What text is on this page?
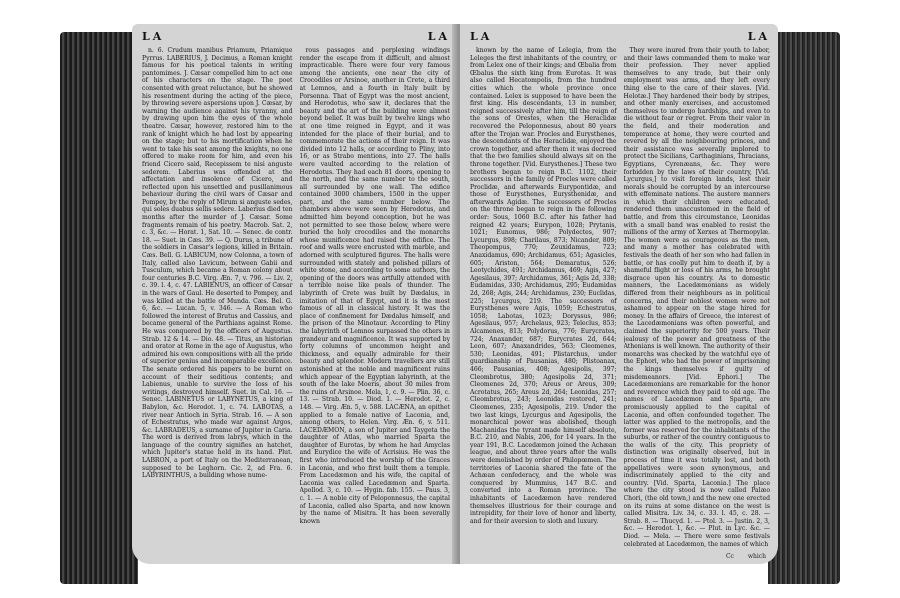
LA	LA

n. 6. Crudum manibus Priamum, Priamique Pyrrus. LABERIUS, J. Decimus, a Roman knight famous for his poetical talents in writing pantomimes. J. Cæsar compelled him to act one of his characters on the stage. The poet consented with great reluctance, but he showed his resentment during the acting of the piece, by throwing severe aspersions upon J. Cæsar, by warning the audience against his tyranny, and by drawing upon him the eyes of the whole theatre. Cæsar, however, restored him to the rank of knight which he had lost by appearing on the stage; but to his mortification when he went to take his seat among the knights, no one offered to make room for him, and even his friend Cicero said, Recepissem te nisi anguste sederem. Laberius was offended at the affectation and insolence of Cicero, and reflected upon his unsettled and pusillanimous behaviour during the civil wars of Cæsar and Pompey, by the reply of Mirum si anguste sedes, qui soles duabus sellis sedere. Laberius died ten months after the murder of J. Cæsar. Some fragments remain of his poetry. Macrob. Sat. 2, c. 3, &c. — Horat. 1, Sat. 10. — Senec. de contr. 18. — Suet. in Cæs. 39. — Q. Durus, a tribune of the soldiers in Cæsar's legions, killed in Britain. Cæs. Bell. G. LABICUM, now Colonna, a town of Italy, called also Lavicum, between Gabii and Tusculum, which became a Roman colony about four centuries B.C. Virg. Æn. 7, v. 796. — Liv. 2, c. 39. l. 4, c. 47. LABIENUS, an officer of Cæsar in the wars of Gaul. He deserted to Pompey, and was killed at the battle of Munda. Cæs. Bel. G. 6, &c. — Lucan. 5, v. 346. — A Roman who followed the interest of Brutus and Cassius, and became general of the Parthians against Rome. He was conquered by the officers of Augustus. Strab. 12 & 14. — Dio. 48. — Titus, an historian and orator at Rome in the age of Augustus, who admired his own compositions with all the pride of superior genius and incomparable excellence. The senate ordered his papers to be burnt on account of their seditious contents; and Labienus, unable to survive the loss of his writings, destroyed himself. Suet. in Cal. 16. — Senec. LABINETUS or LABYNETUS, a king of Babylon, &c. Herodot. 1, c. 74. LABOTAS, a river near Antioch in Syria. Strab. 16. — A son of Echestratus, who made war against Argos, &c. LABRADEUS, a surname of Jupiter in Caria. The word is derived from labrys, which in the language of the country signifies an hatchet, which Jupiter's statue held in its hand. Plut. LABRON, a port of Italy on the Mediterranean, supposed to be Leghorn. Cic. 2, ad Fra. 6. LABYRINTHUS, a building whose nume-

rous passages and perplexing windings render the escape from it difficult, and almost impracticable. There were four very famous among the ancients, one near the city of Crocodiles or Arsinoe, another in Crete, a third at Lemnos, and a fourth in Italy built by Porsenna. That of Egypt was the most ancient, and Herodotus, who saw it, declares that the beauty and the art of the building were almost beyond belief. It was built by twelve kings who at one time reigned in Egypt, and it was intended for the place of their burial, and to commemorate the actions of their reign. It was divided into 12 halls, or according to Pliny, into 16, or as Strabo mentions, into 27. The halls were vaulted according to the relation of Herodotus. They had each 81 doors, opening to the north, and the same number to the south, all surrounded by one wall. The edifice contained 3000 chambers, 1500 in the upper part, and the same number below. The chambers above were seen by Herodotus, and admitted him beyond conception, but he was not permitted to see those below, where were buried the holy crocodiles and the monarchs whose munificence had raised the edifice. The roof and walls were encrusted with marble, and adorned with sculptured figures. The halls were surrounded with stately and polished pillars of white stone, and according to some authors, the opening of the doors was artfully attended with a terrible noise like peals of thunder. The labyrinth of Crete was built by Dædalus, in imitation of that of Egypt, and it is the most famous of all in classical history. It was the place of confinement for Dædalus himself, and the prison of the Minotaur. According to Pliny the labyrinth of Lemnos surpassed the others in grandeur and magnificence. It was supported by forty columns of uncommon height and thickness, and equally admirable for their beauty and splendor. Modern travellers are still astonished at the noble and magnificent ruins which appear of the Egyptian labyrinth, at the south of the lake Moeris, about 30 miles from the ruins of Arsinoe. Mela, 1, c. 9. — Plin. 36, c. 13. — Strab. 10. — Diod. 1. — Herodot. 2, c. 148. — Virg. Æn. 5, v. 588. LACÆNA, an epithet applied to a female native of Laconia, and, among others, to Helen. Virg. Æn. 6, v. 511. LACEDÆMON, a son of Jupiter and Taygeta the daughter of Atlas, who married Sparta the daughter of Eurotas, by whom he had Amyclas and Eurydice the wife of Acrisius. He was the first who introduced the worship of the Graces in Laconia, and who first built them a temple. From Lacedæmon and his wife, the capital of Laconia was called Lacedæmon and Sparta. Apollod. 3, c. 10. — Hygin. fab. 155. — Paus. 3, c. 1. — A noble city of Peloponnesus, the capital of Laconia, called also Sparta, and now known by the name of Misitra. It has been severally known

LA	LA

known by the name of Lelegia, from the Leleges the first inhabitants of the country, or from Lelex one of their kings; and Œbalia from Œbalus the sixth king from Eurotas. It was also called Hecatompolis, from the hundred cities which the whole province once contained. Lelex is supposed to have been the first king. His descendants, 13 in number, reigned successively after him, till the reign of the sons of Orestes, when the Heraclidæ recovered the Peloponnesus, about 80 years after the Trojan war. Procles and Eurysthenes, the descendants of the Heraclidæ, enjoyed the crown together, and after them it was decreed that the two families should always sit on the throne together. [Vid. Eurysthenes.] These two brothers began to reign B.C. 1102, their successors in the family of Procles were called Proclidæ, and afterwards Eurypontidæ, and those of Eurysthenes, Eurysthenidæ, and afterwards Agidæ. The successors of Procles on the throne began to reign in the following order: Sous, 1060 B.C. after his father had reigned 42 years; Eurypon, 1028; Prytanis, 1021; Eunomus, 986; Polydectes, 907; Lycurgus, 898; Charilaus, 873; Nicander, 809; Theopompus, 770; Zeuxidamus, 723; Anaxidamus, 690; Archidamus, 651; Agasicles, 605; Ariston, 564; Demaratus, 526; Leotychides, 491; Archidamus, 469; Agis, 427; Agesilaus, 397; Archidamus, 361; Agis 2d, 338; Eudamidas, 330; Archidamus, 295; Eudamidas 2d, 268; Agis, 244; Archidamus, 230; Euclidas, 225; Lycurgus, 219. The successors of Eurysthenes were Agis, 1059; Echestratus, 1058; Labotas, 1023; Doryssus, 986; Agesilaus, 957; Archelaus, 923; Teleclus, 853; Alcamenes, 813; Polydorus, 776; Eurycrates, 724; Anaxander, 687; Eurycrates 2d, 644; Leon, 607; Anaxandrides, 563; Cleomenes, 530; Leonidas, 491; Plistarchus, under guardianship of Pausanias, 480; Plistoanax, 466; Pausanias, 408; Agesipolis, 397; Cleombrotus, 380; Agesipolis 2d, 371; Cleomenes 2d, 370; Areus or Areus, 309; Acrotatus, 265; Areus 2d, 264; Leonidas, 257; Cleombrotus, 243; Leonidas restored, 241; Cleomenes, 235; Agesipolis, 219. Under the two last kings, Lycurgus and Agesipolis, the monarchical power was abolished, though Machanidas the tyrant made himself absolute, B.C. 210, and Nabis, 206, for 14 years. In the year 191, B.C. Lacedæmon joined the Achæan league, and about three years after the walls were demolished by order of Philopœmen. The territories of Laconia shared the fate of the Achæan confederacy, and the whole was conquered by Mummius, 147 B.C. and converted into a Roman province. The inhabitants of Lacedæmon have rendered themselves illustrious for their courage and intrepidity, for their love of honor and liberty, and for their aversion to sloth and luxury.

They were inured from their youth to labor, and their laws commanded them to make war their profession. They never applied themselves to any trade, but their only employment was arms, and they left every thing else to the care of their slaves. [Vid. Helotæ.] They hardened their body by stripes, and other manly exercises, and accustomed themselves to undergo hardships, and even to die without fear or regret. From their valor in the field, and their moderation and temperance at home, they were courted and revered by all the neighbouring princes, and their assistance was severally implored to protect the Sicilians, Carthaginians, Thracians, Egyptians, Cyrenæans, &c. They were forbidden by the laws of their country, [Vid. Lycurgus,] to visit foreign lands, lest their morals should be corrupted by an intercourse with effeminate nations. The austere manners in which their children were educated, rendered them unaccustomed in the field of battle, and from this circumstance, Leonidas with a small band was enabled to resist the millions of the army of Xerxes at Thermopylæ. The women were as courageous as the men, and many a mother has celebrated with festivals the death of her son who had fallen in battle, or has coolly put him to death if, by a shameful flight or loss of his arms, he brought disgrace upon his country. As to domestic manners, the Lacedæmonians as widely differed from their neighbours as in political concerns, and their noblest women were not ashamed to appear on the stage hired for money. In the affairs of Greece, the interest of the Lacedæmonians was often powerful, and claimed the superiority for 500 years. Their jealousy of the power and greatness of the Athenians is well known. The authority of their monarchs was checked by the watchful eye of the Ephori, who had the power of imprisoning the kings themselves if guilty of misdemeanors. [Vid. Ephori.] The Lacedæmonians are remarkable for the honor and reverence which they paid to old age. The names of Lacedæmon and Sparta, are promiscuously applied to the capital of Laconia, and often confounded together. The latter was applied to the metropolis, and the former was reserved for the inhabitants of the suburbs, or rather of the country contiguous to the walls of the city. This propriety of distinction was originally observed, but in process of time it was totally lost, and both appellatives were soon synonymous, and indiscriminately applied to the city and country. [Vid. Sparta, Laconia.] The place where the city stood is now called Palæo Chori, (the old town,) and the new one erected on its ruins at some distance on the west is called Misitra. Liv. 34, c. 33. l. 45, c. 28. — Strab. 8. — Thucyd. 1. — Ptol. 3. — Justin. 2, 3, &c. — Herodot. 1, &c. — Plut. in Lyc. &c. — Diod. — Mela. — There were some festivals celebrated at Lacedæmon, the names of which

Cc which
